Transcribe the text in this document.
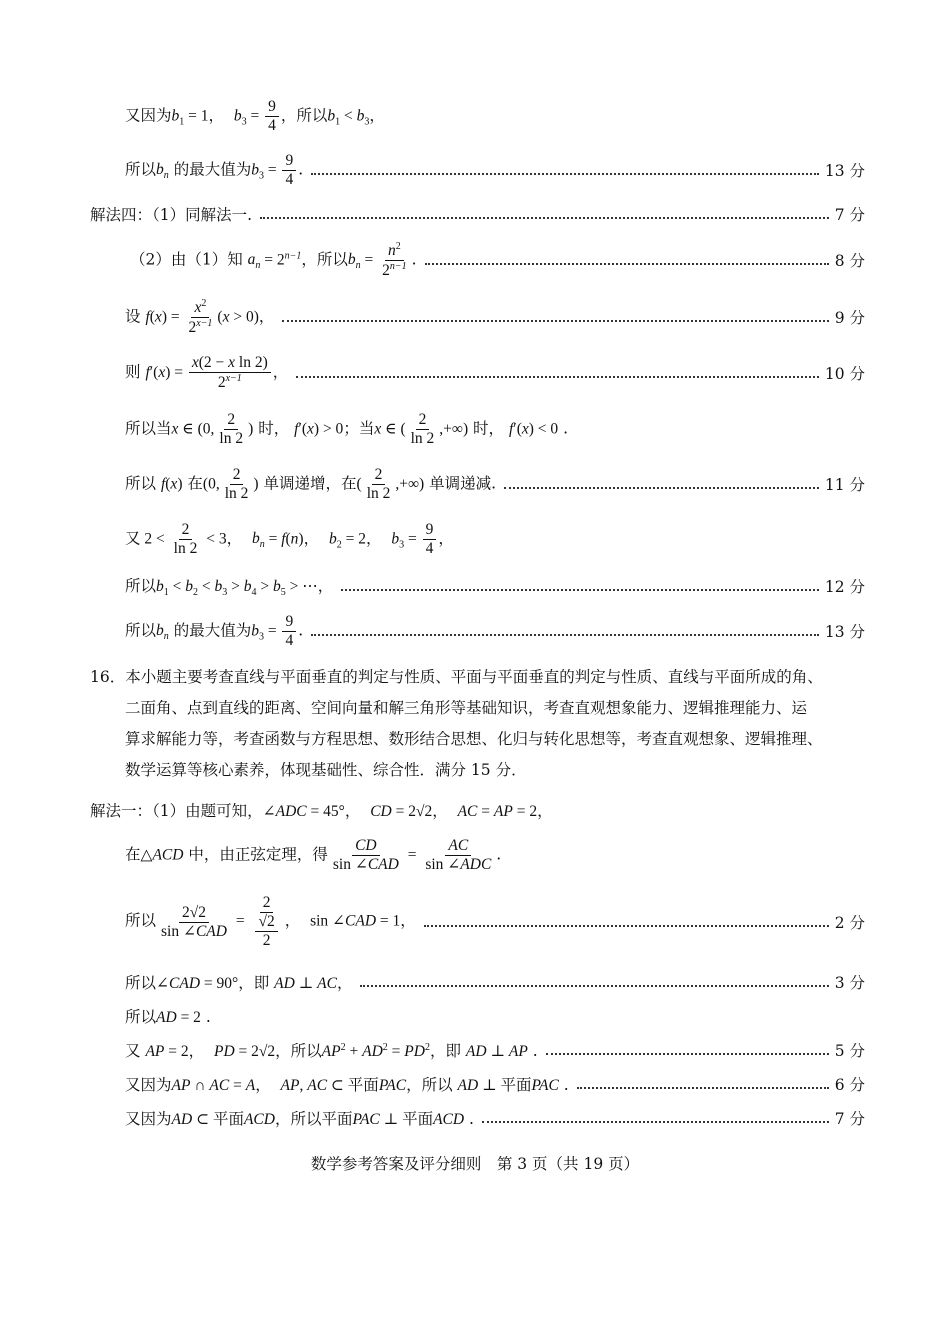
又因为$b_1 = 1$，  $b_3 = \frac{9}{4}$ ，所以$b_1 < b_3$，
所以$b_n$ 的最大值为$b_3 = \frac{9}{4}$ .	13 分
解法四：（1）同解法一.	7 分
（2）由（1）知 $a_n = 2^{n-1}$，所以$b_n = \frac{n^2}{2^{n-1}}$ .	8 分
设 $f(x) = \frac{x^2}{2^{x-1}} (x > 0)$，	9 分
则 $f'(x) = \frac{\text{x(2 − x ln 2)}}{2^{x-1}}$ ，	10 分
所以当x ∈ (0, $\frac{2}{\ln 2}$ ) 时， f′(x) > 0；当x ∈ ( $\frac{2}{\ln 2}$ ,+∞) 时， f′(x) < 0 .
所以 f(x) 在(0, $\frac{2}{\ln 2}$ ) 单调递增，在( $\frac{2}{\ln 2}$ ,+∞) 单调递减.	11 分
又 $2 < \frac{2}{\ln 2} < 3$，  $b_n = f(n)$，  $b_2 = 2$，  $b_3 = \frac{9}{4}$ ，
所以$b_1 < b_2 < b_3 > b_4 > b_5$ > ⋯，	12 分
所以$b_n$ 的最大值为$b_3 = \frac{9}{4}$ .	13 分
16．本小题主要考查直线与平面垂直的判定与性质、平面与平面垂直的判定与性质、直线与平面所成的角、
二面角、点到直线的距离、空间向量和解三角形等基础知识，考查直观想象能力、逻辑推理能力、运
算求解能力等，考查函数与方程思想、数形结合思想、化归与转化思想等，考查直观想象、逻辑推理、
数学运算等核心素养，体现基础性、综合性．满分 15 分．
解法一：（1）由题可知，∠ADC = 45°，  CD = 2√2，  AC = AP = 2，
在△ACD 中，由正弦定理，得 $\frac{CD}{\text{sin ∠CAD}} = \frac{AC}{\text{sin ∠ADC}}$ .
所以 $\frac{2√2}{\text{sin ∠CAD}} = \frac{2}{\frac{√2}{2}}$ ，  sin ∠CAD = 1，	2 分
所以∠CAD = 90°，即 AD ⊥ AC，	3 分
所以AD = 2 .
又 AP = 2，  PD = 2√2，所以$AP^2 + AD^2 = PD^2$，即 AD ⊥ AP .	5 分
又因为AP ∩ AC = A，  AP, AC ⊂ 平面PAC，所以 AD ⊥ 平面PAC .	6 分
又因为AD ⊂ 平面ACD，所以平面PAC ⊥ 平面ACD .	7 分
数学参考答案及评分细则　第 3 页（共 19 页）
